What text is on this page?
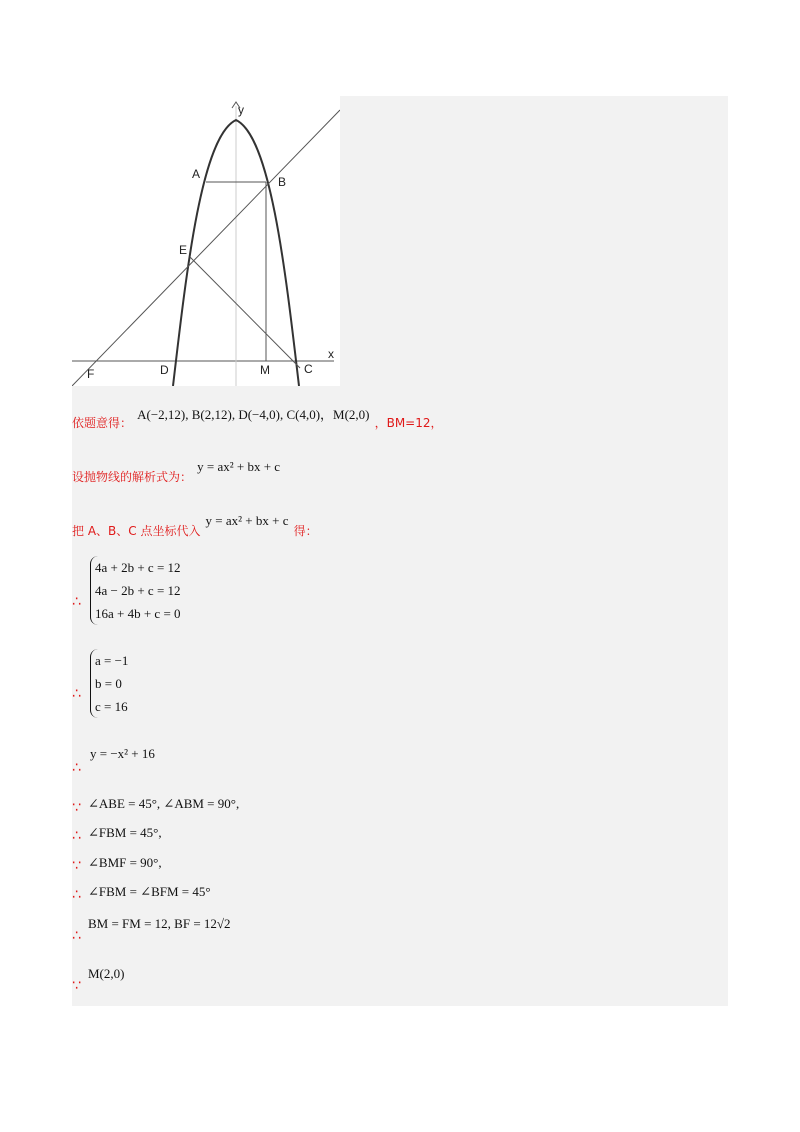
y
x
A
B
E
F	D	M	C
依题意得： $^{A(-2,12), B(2,12), D(-4,0), C(4,0),M(2,0)}$ ，BM=12，
设抛物线的解析式为： $^{y = ax^2 + bx + c}$
把 A、B、C 点坐标代入 $^{y = ax^2 + bx + c}$ 得：
∴
4a + 2b + c = 12
4a − 2b + c = 12
16a + 4b + c = 0
∴
a = −1
b = 0
c = 16
∴
y = −x² + 16
∵ ∠ABE = 45°, ∠ABM = 90°,
∴ ∠FBM = 45°,
∵ ∠BMF = 90°,
∴ ∠FBM = ∠BFM = 45°
∴
BM = FM = 12, BF = 12√2
∵
M(2,0)
